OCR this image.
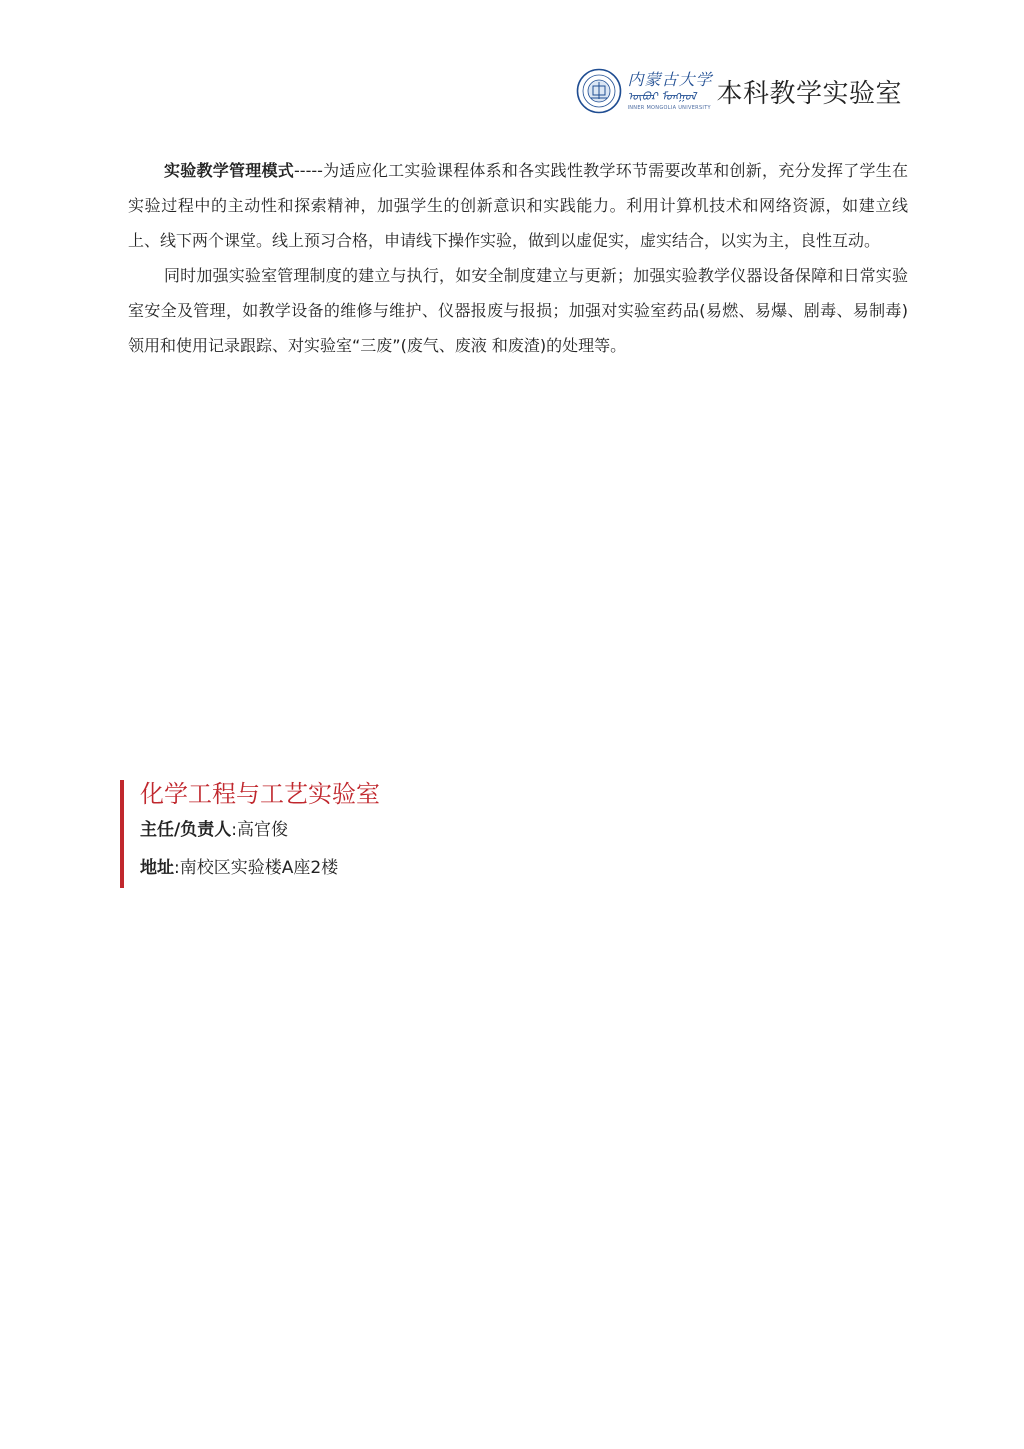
内蒙古大学
ᠦᠪᠦᠷ ᠮᠣᠩᠭᠣᠯ
INNER MONGOLIA UNIVERSITY 本科教学实验室

实验教学管理模式-----为适应化工实验课程体系和各实践性教学环节需要改革和创新，充分发挥了学生在实验过程中的主动性和探索精神，加强学生的创新意识和实践能力。利用计算机技术和网络资源，如建立线上、线下两个课堂。线上预习合格，申请线下操作实验，做到以虚促实，虚实结合，以实为主，良性互动。

同时加强实验室管理制度的建立与执行，如安全制度建立与更新；加强实验教学仪器设备保障和日常实验室安全及管理，如教学设备的维修与维护、仪器报废与报损；加强对实验室药品(易燃、易爆、剧毒、易制毒)领用和使用记录跟踪、对实验室“三废”(废气、废液 和废渣)的处理等。

化学工程与工艺实验室
主任/负责人:高官俊
地址:南校区实验楼A座2楼
